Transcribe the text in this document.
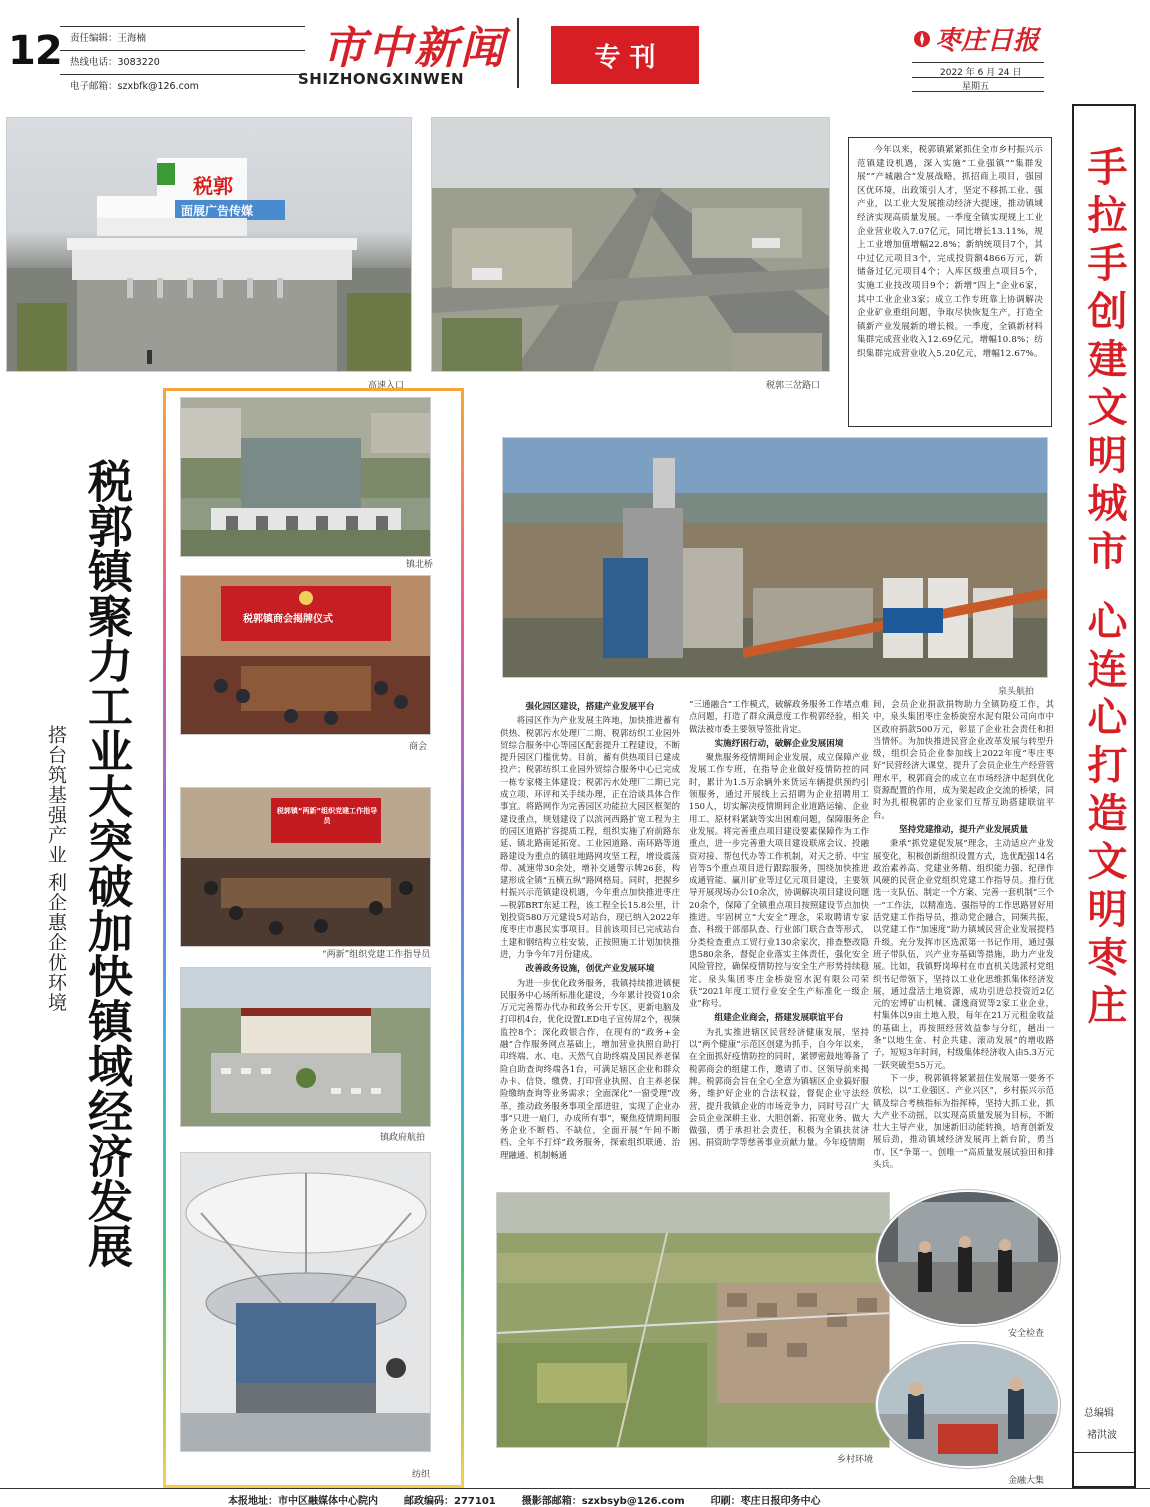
12 责任编辑：王海楠
热线电话：3083220
电子邮箱：szxbfk@126.com
市中新闻
SHIZHONGXINWEN
专 刊
枣庄日报
2022 年 6 月 24 日
星期五
手拉手创建文明城市 心连心打造文明枣庄
总编辑
褚洪波
税郭
面展广告传媒
高速入口	税郭三岔路口
今年以来，税郭镇紧紧抓住全市乡村振兴示范镇建设机遇，深入实施“工业强镇”“集群发展”“产城融合”发展战略，抓招商上项目，强园区优环境，出政策引人才，坚定不移抓工业、强产业，以工业大发展推动经济大提速，推动镇域经济实现高质量发展。一季度全镇实现规上工业企业营业收入7.07亿元，同比增长13.11%，规上工业增加值增幅22.8%；新纳统项目7个，其中过亿元项目3个，完成投资额4866万元，新储备过亿元项目4个；入库区级重点项目5个，实施工业技改项目9个；新增“四上”企业6家，其中工业企业3家；成立工作专班靠上协调解决企业矿业重组问题，争取尽快恢复生产，打造全镇新产业发展新的增长极。一季度，全镇新材料集群完成营业收入12.69亿元，增幅10.8%；纺织集群完成营业收入5.20亿元，增幅12.67%。
税郭镇聚力工业大突破加快镇域经济发展
搭台筑基强产业 利企惠企优环境
镇北桥
税郭镇商会揭牌仪式
商会
税郭镇“两新”组织党建工作指导员
“两新”组织党建工作指导员
镇政府航拍
纺织
泉头航拍
强化园区建设，搭建产业发展平台

将园区作为产业发展主阵地，加快推进蓄有供热、税郭污水处理厂二期、税郭纺织工业园外贸综合服务中心等园区配套提升工程建设，不断提升园区门槛优势。目前，蓄有供热项目已建成投产；税郭纺织工业园外贸综合服务中心已完成一栋专家楼主体建设；税郭污水处理厂二期已完成立项、环评和关手续办理，正在洽谈具体合作事宜。将路网作为完善园区功能拉大园区框架的建设重点，规划建设了以滨河西路扩宽工程为主的园区道路扩容提质工程，组织实施了府前路东延、镇北路南延拓宽、工业园道路、南环路等道路建设为重点的镇驻地路网攻坚工程，增设震荡带、减速带30余处，增补交通警示牌26套，构建形成全镇“五横五纵”路网格局。同时，把握乡村振兴示范镇建设机遇，今年重点加快推进枣庄—税郭BRT东延工程，该工程全长15.8公里，计划投资580万元建设5对站台，现已纳入2022年度枣庄市惠民实事项目。目前该项目已完成站台土建和钢结构立柱安装，正按照施工计划加快推进，力争今年7月份建成。

改善政务设施，创优产业发展环境

为进一步优化政务服务，我镇持续推进镇便民服务中心场所标准化建设，今年累计投资10余万元完善帮办代办和政务公开专区，更新电脑及打印机4台，优化设置LED电子宣传屏2个，视频监控8个；深化政银合作，在现有的“政务+金融”合作服务网点基础上，增加营业执照自助打印终端、水、电、天然气自助终端及国民养老保险自助查询终端各1台，可满足辖区企业和群众办卡、信贷、缴费、打印营业执照、自主养老保险缴纳查询等业务需求；全面深化“一窗受理”改革，推动政务服务事项全部进驻，实现了企业办事“只进一扇门，办成所有事”，聚焦疫情期间服务企业不断档、不缺位，全面开展“午间不断档、全年不打烊”政务服务，探索组织联通、治理融通、机制畅通

“三通融合”工作模式，破解政务服务工作堵点难点问题，打造了群众满意度工作税郭经验，相关做法被市委主要领导签批肯定。

实施纾困行动，破解企业发展困境

聚焦服务疫情期间企业发展，成立保障产业发展工作专班，在指导企业做好疫情防控的同时，累计为1.5万余辆外来货运车辆提供预约引领服务，通过开展线上云招聘为企业招聘用工150人，切实解决疫情期间企业道路运输、企业用工、原材料紧缺等实出困难问题，保障服务企业发展。将完善重点项目建设要素保障作为工作重点，进一步完善重大项目建设联席会议、投融资对接、帮包代办等工作机制，对天之骄、中宝岩等5个重点项目进行跟踪服务，围绕加快推进成通管能、赢川矿业等过亿元项目建设，主要领导开展现场办公10余次，协调解决项目建设问题20余个，保障了全镇重点项目按照建设节点加快推进。牢固树立“大安全”理念，采取聘请专家查、科级干部部队查、行业部门联合查等形式，分类检查重点工贸行业130余家次，排查整改隐患580余条，督促企业落实主体责任，强化安全风险管控，确保疫情防控与安全生产形势持续稳定。泉头集团枣庄金桥旋窑水泥有限公司荣获“2021年度工贸行业安全生产标准化一级企业”称号。

组建企业商会，搭建发展联谊平台

为扎实推进辖区民营经济健康发展，坚持以“两个健康”示范区创建为抓手，自今年以来，在全面抓好疫情防控的同时，紧锣密鼓地筹备了税郭商会的组建工作，邀请了市、区领导前来揭牌。税郭商会旨在全心全意为镇辖区企业搞好服务，维护好企业的合法权益，督促企业守法经营，提升我镇企业的市场竞争力，同时号召广大会员企业深耕主业、大胆创新、拓宽业务、做大做强，勇于承担社会责任，积极为全镇扶贫济困、捐资助学等慈善事业贡献力量。今年疫情期

间，会员企业捐款捐物助力全镇防疫工作，其中，泉头集团枣庄金桥旋窑水泥有限公司向市中区政府捐款500万元，彰显了企业社会责任和担当情怀。为加快推进民营企业改革发展与转型升级，组织会员企业参加线上2022年度“枣庄枣好”民营经济大课堂，提升了会员企业生产经营管理水平，税郭商会的成立在市场经济中起到优化资源配置的作用，成为架起政企交流的桥梁，同时为扎根税郭的企业家们互帮互助搭建联谊平台。

坚持党建推动，提升产业发展质量

秉承“抓党建促发展”理念，主动适应产业发展变化，积极创新组织设置方式，选优配强14名政治素养高、党建业务精、组织能力强、纪律作风硬的民营企业党组织党建工作指导员。推行优选一支队伍、制定一个方案、完善一套机制“三个一”工作法，以精准选、强指导的工作思路冒好用活党建工作指导员，推动党企融合，同频共振，以党建工作“加速度”助力镇域民营企业发展提档升级。充分发挥市区选派第一书记作用，通过强班子带队伍，兴产业夯基础等措施，助力产业发展。比如，我镇野岗埠村在市直机关选派村党组织书记带领下，坚持以工业化思维抓集体经济发展，通过盘活土地资源，成功引进总投资近2亿元的宏博矿山机械、潇逸商贸等2家工业企业，村集体以9亩土地入股，每年在21万元租金收益的基础上，再按照经营效益参与分红，趟出一条“以地生金、村企共建、滚动发展”的增收路子，短短3年时间，村级集体经济收入由5.3万元一跃突破至55万元。

下一步，税郭镇将紧紧扭住发展第一要务不放松，以“工业强区、产业兴区”，乡村振兴示范镇及综合考核指标为指挥棒，坚持大抓工业，抓大产业不动摇，以实现高质量发展为目标，不断壮大主导产业，加速新旧动能转换，培育创新发展后劲，推动镇域经济发展再上新台阶，勇当市、区“争第一、创唯一”高质量发展试验田和排头兵。

乡村环境
安全检查
金融大集
本报地址：市中区融媒体中心院内	邮政编码：277101	摄影部邮箱：szxbsyb@126.com	印刷：枣庄日报印务中心
